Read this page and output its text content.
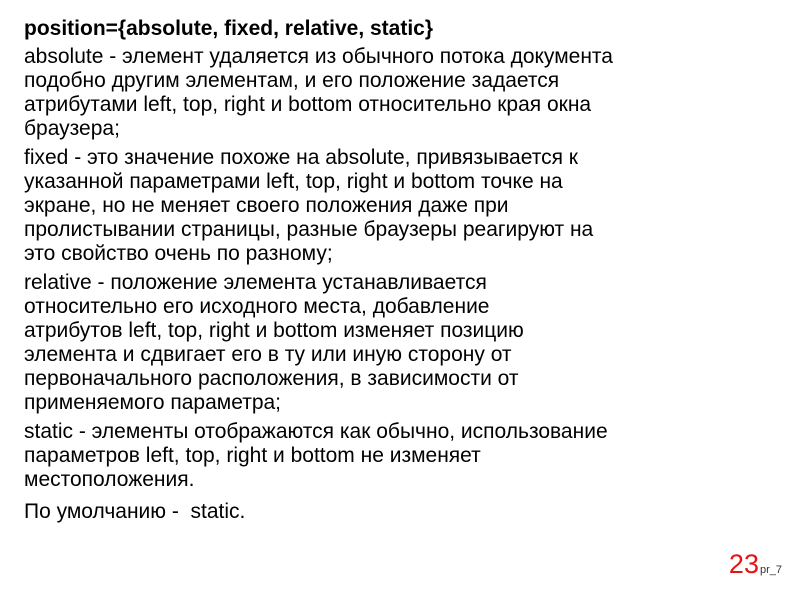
position={absolute, fixed, relative, static}
absolute - элемент удаляется из обычного потока документа
подобно другим элементам, и его положение задается
атрибутами left, top, right и bottom относительно края окна
браузера;
fixed - это значение похоже на absolute, привязывается к
указанной параметрами left, top, right и bottom точке на
экране, но не меняет своего положения даже при
пролистывании страницы, разные браузеры реагируют на
это свойство очень по разному;
relative - положение элемента устанавливается
относительно его исходного места, добавление
атрибутов left, top, right и bottom изменяет позицию
элемента и сдвигает его в ту или иную сторону от
первоначального расположения, в зависимости от
применяемого параметра;
static - элементы отображаются как обычно, использование
параметров left, top, right и bottom не изменяет
местоположения.
По умолчанию -  static.
23 pr_7
